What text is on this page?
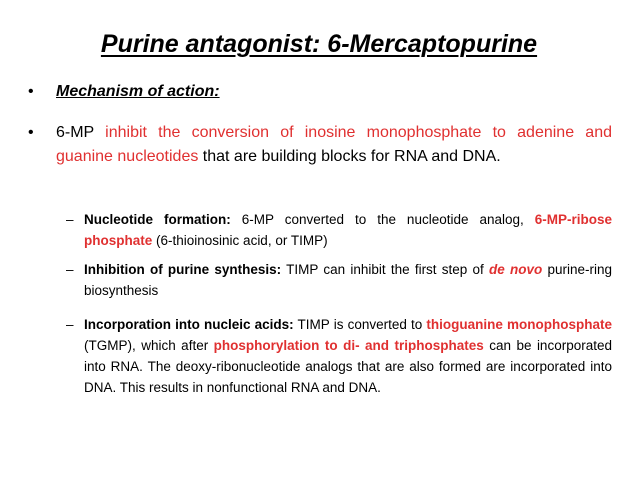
Purine antagonist: 6-Mercaptopurine
• Mechanism of action:
• 6-MP inhibit the conversion of inosine monophosphate to adenine and guanine nucleotides that are building blocks for RNA and DNA.
– Nucleotide formation: 6-MP converted to the nucleotide analog, 6-MP-ribose phosphate (6-thioinosinic acid, or TIMP)
– Inhibition of purine synthesis: TIMP can inhibit the first step of de novo purine-ring biosynthesis
– Incorporation into nucleic acids: TIMP is converted to thioguanine monophosphate (TGMP), which after phosphorylation to di- and triphosphates can be incorporated into RNA. The deoxy-ribonucleotide analogs that are also formed are incorporated into DNA. This results in nonfunctional RNA and DNA.
